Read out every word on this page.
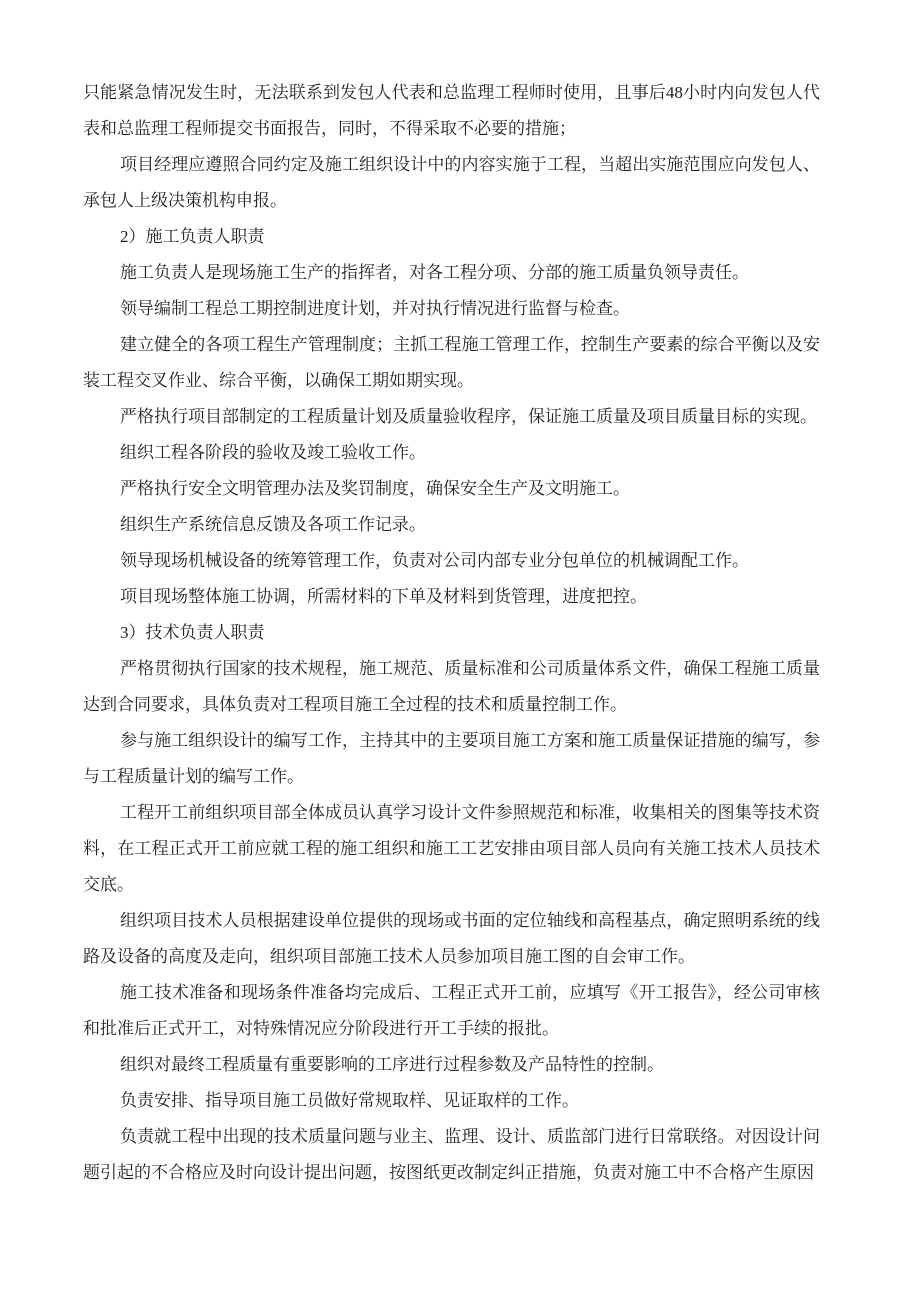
只能紧急情况发生时，无法联系到发包人代表和总监理工程师时使用，且事后48小时内向发包人代
表和总监理工程师提交书面报告，同时，不得采取不必要的措施；
项目经理应遵照合同约定及施工组织设计中的内容实施于工程，当超出实施范围应向发包人、
承包人上级决策机构申报。
2）施工负责人职责
施工负责人是现场施工生产的指挥者，对各工程分项、分部的施工质量负领导责任。
领导编制工程总工期控制进度计划，并对执行情况进行监督与检查。
建立健全的各项工程生产管理制度；主抓工程施工管理工作，控制生产要素的综合平衡以及安
装工程交叉作业、综合平衡，以确保工期如期实现。
严格执行项目部制定的工程质量计划及质量验收程序，保证施工质量及项目质量目标的实现。
组织工程各阶段的验收及竣工验收工作。
严格执行安全文明管理办法及奖罚制度，确保安全生产及文明施工。
组织生产系统信息反馈及各项工作记录。
领导现场机械设备的统筹管理工作，负责对公司内部专业分包单位的机械调配工作。
项目现场整体施工协调，所需材料的下单及材料到货管理，进度把控。
3）技术负责人职责
严格贯彻执行国家的技术规程，施工规范、质量标准和公司质量体系文件，确保工程施工质量
达到合同要求，具体负责对工程项目施工全过程的技术和质量控制工作。
参与施工组织设计的编写工作，主持其中的主要项目施工方案和施工质量保证措施的编写，参
与工程质量计划的编写工作。
工程开工前组织项目部全体成员认真学习设计文件参照规范和标准，收集相关的图集等技术资
料，在工程正式开工前应就工程的施工组织和施工工艺安排由项目部人员向有关施工技术人员技术
交底。
组织项目技术人员根据建设单位提供的现场或书面的定位轴线和高程基点，确定照明系统的线
路及设备的高度及走向，组织项目部施工技术人员参加项目施工图的自会审工作。
施工技术准备和现场条件准备均完成后、工程正式开工前，应填写《开工报告》，经公司审核
和批准后正式开工，对特殊情况应分阶段进行开工手续的报批。
组织对最终工程质量有重要影响的工序进行过程参数及产品特性的控制。
负责安排、指导项目施工员做好常规取样、见证取样的工作。
负责就工程中出现的技术质量问题与业主、监理、设计、质监部门进行日常联络。对因设计问
题引起的不合格应及时向设计提出问题，按图纸更改制定纠正措施，负责对施工中不合格产生原因
